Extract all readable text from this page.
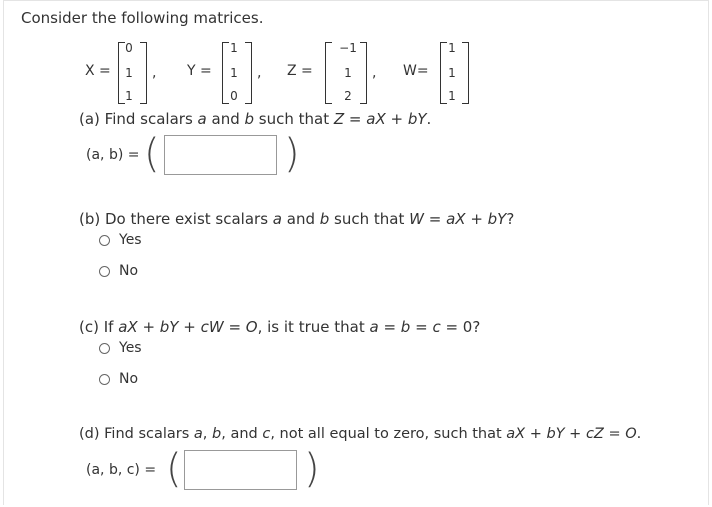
Consider the following matrices.
X =
0
1
1
, Y =
1
1
0
, Z =
−1
1
2
, W=
1
1
1
(a) Find scalars a and b such that Z = aX + bY.
(a, b) = (	)
(b) Do there exist scalars a and b such that W = aX + bY?
Yes
No
(c) If aX + bY + cW = O, is it true that a = b = c = 0?
Yes
No
(d) Find scalars a, b, and c, not all equal to zero, such that aX + bY + cZ = O.
(a, b, c) = (	)
